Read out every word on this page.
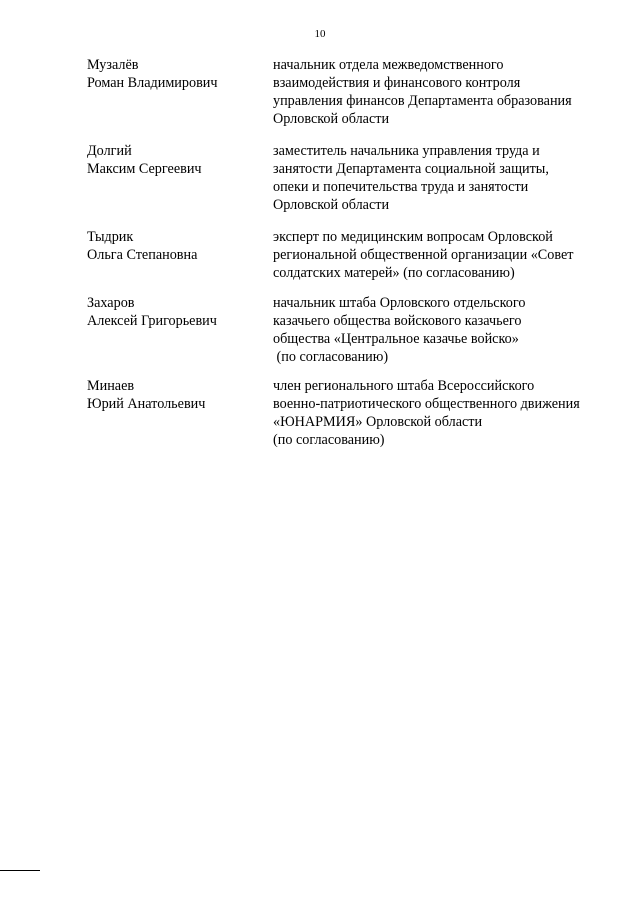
10
Музалёв
Роман Владимирович
начальник отдела межведомственного
взаимодействия и финансового контроля
управления финансов Департамента образования
Орловской области
Долгий
Максим Сергеевич
заместитель начальника управления труда и
занятости Департамента социальной защиты,
опеки и попечительства труда и занятости
Орловской области
Тыдрик
Ольга Степановна
эксперт по медицинским вопросам Орловской
региональной общественной организации «Совет
солдатских матерей» (по согласованию)
Захаров
Алексей Григорьевич
начальник штаба Орловского отдельского
казачьего общества войскового казачьего
общества «Центральное казачье войско»
(по согласованию)
Минаев
Юрий Анатольевич
член регионального штаба Всероссийского
военно-патриотического общественного движения
«ЮНАРМИЯ» Орловской области
(по согласованию)
